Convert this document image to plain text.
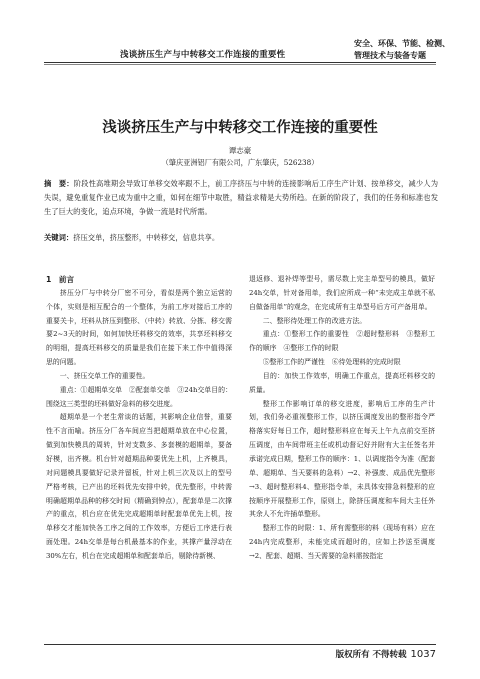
浅谈挤压生产与中转移交工作连接的重要性
安全、环保、节能、检测、
管理技术与装备专题
浅谈挤压生产与中转移交工作连接的重要性
谭志豪
（肇庆亚洲铝厂有限公司，广东肇庆，526238）
摘　要：阶段性高堆期会导致订单移交效率跟不上，前工序挤压与中转的连接影响后工序生产计划、按单移交，减少人为失误，避免重复作业已成为重中之重，如何在细节中取胜，精益求精是大势所趋。在新的阶段了，我们的任务和标准也发生了巨大的变化，追点环境，争做一流是时代所需。
关键词：挤压交单，挤压整形，中转移交，信息共享。

1　前言

挤压分厂与中转分厂密不可分，看似是两个独立运营的个体，实则是相互配合的一个整体，为前工序对接后工序的重要关卡，坯料从挤压到整形、（中转）转放、分拣、移交需要2~3天的时间，如何加快坯料移交的效率，共享坯料移交的明细，提高坯料移交的质量是我们在接下来工作中值得深思的问题。

一、挤压交单工作的重要性。

重点：①超期单交单　②配套单交单　③24h交单目的：围绕这三类型的坯料做好急料的移交进度。

超期单是一个老生常谈的话题，其影响企业信誉，重要性不言而喻。挤压分厂各车间应当把超期单放在中心位置，做到加快模具的周转，针对支数多、多套模的超期单，要备好模，出齐模。机台针对超期品种要优先上机，上齐模具，对问题模具要做好记录并留板，针对上机三次及以上的型号严格考核，已产出的坯料优先安排中转，优先整形，中转需明确超期单品种的移交时间（精确到钟点），配套单是二次撑产的重点，机台应在优先完成超期单时配套单优先上机，按单移交才能加快各工序之间的工作效率，方便后工序进行表面处理。24h交单是每台机最基本的作业，其撑产量浮动在30%左右，机台在完成超期单和配套单后，剔除待新模、

退返修、退补焊等型号，需尽数上完主单型号的模具，做好24h交单，针对备用单，我们应所成一种“未完成主单就不私自做备用单”的观念，在完成所有主单型号后方可产备用单。

二、整形待处理工作的改进方法。

重点：①整形工作的重要性　②超时整形料　③整形工作的顺序　④整形工作的时限

⑤整形工作的严谨性　⑥待处理料的完成时限

目的：加快工作效率，明确工作重点，提高坯料移交的质量。

整形工作影响订单的移交进度，影响后工序的生产计划，我们务必重视整形工作，以挤压调度发出的整形指令严格落实好每日工作，超时整形料应在每天上午九点前交至挤压调度，由车间带班主任或机动督记好并附有大主任签名并承诺完成日期，整形工作的顺序：1、以调度指令为准（配套单、超期单、当天要料的急料）→2、补强废、成品优先整形→3、超时整形料4、整形指令单，未具体安排急料整形的应按顺序开展整形工作，原则上，除挤压调度和车间大主任外其余人不允许插单整形。

整形工作的时限：1、所有需整形的料（现场有料）应在24h内完成整形，未能完成而超时的，应如上抄送至调度→2、配套、超期、当天需要的急料需按指定

版权所有 不得转载 1037
